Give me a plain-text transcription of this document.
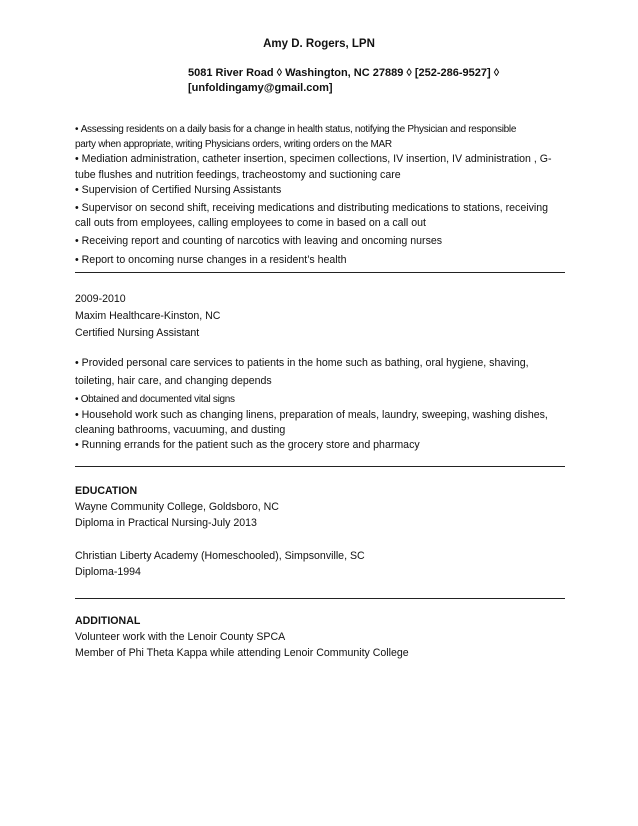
Amy D. Rogers, LPN
5081 River Road ◊ Washington, NC 27889 ◊ [252-286-9527] ◊
[unfoldingamy@gmail.com]

• Assessing residents on a daily basis for a change in health status, notifying the Physician and responsible

party when appropriate, writing Physicians orders, writing orders on the MAR

• Mediation administration, catheter insertion, specimen collections, IV insertion, IV administration , G-

tube flushes and nutrition feedings, tracheostomy and suctioning care

• Supervision of Certified Nursing Assistants

• Supervisor on second shift, receiving medications and distributing medications to stations, receiving

call outs from employees, calling employees to come in based on a call out

• Receiving report and counting of narcotics with leaving and oncoming nurses

• Report to oncoming nurse changes in a resident’s health

2009-2010

Maxim Healthcare-Kinston, NC

Certified Nursing Assistant

• Provided personal care services to patients in the home such as bathing, oral hygiene, shaving,

toileting, hair care, and changing depends

• Obtained and documented vital signs

• Household work such as changing linens, preparation of meals, laundry, sweeping, washing dishes,

cleaning bathrooms, vacuuming, and dusting

• Running errands for the patient such as the grocery store and pharmacy

EDUCATION

Wayne Community College, Goldsboro, NC

Diploma in Practical Nursing-July 2013

Christian Liberty Academy (Homeschooled), Simpsonville, SC

Diploma-1994

ADDITIONAL

Volunteer work with the Lenoir County SPCA

Member of Phi Theta Kappa while attending Lenoir Community College
